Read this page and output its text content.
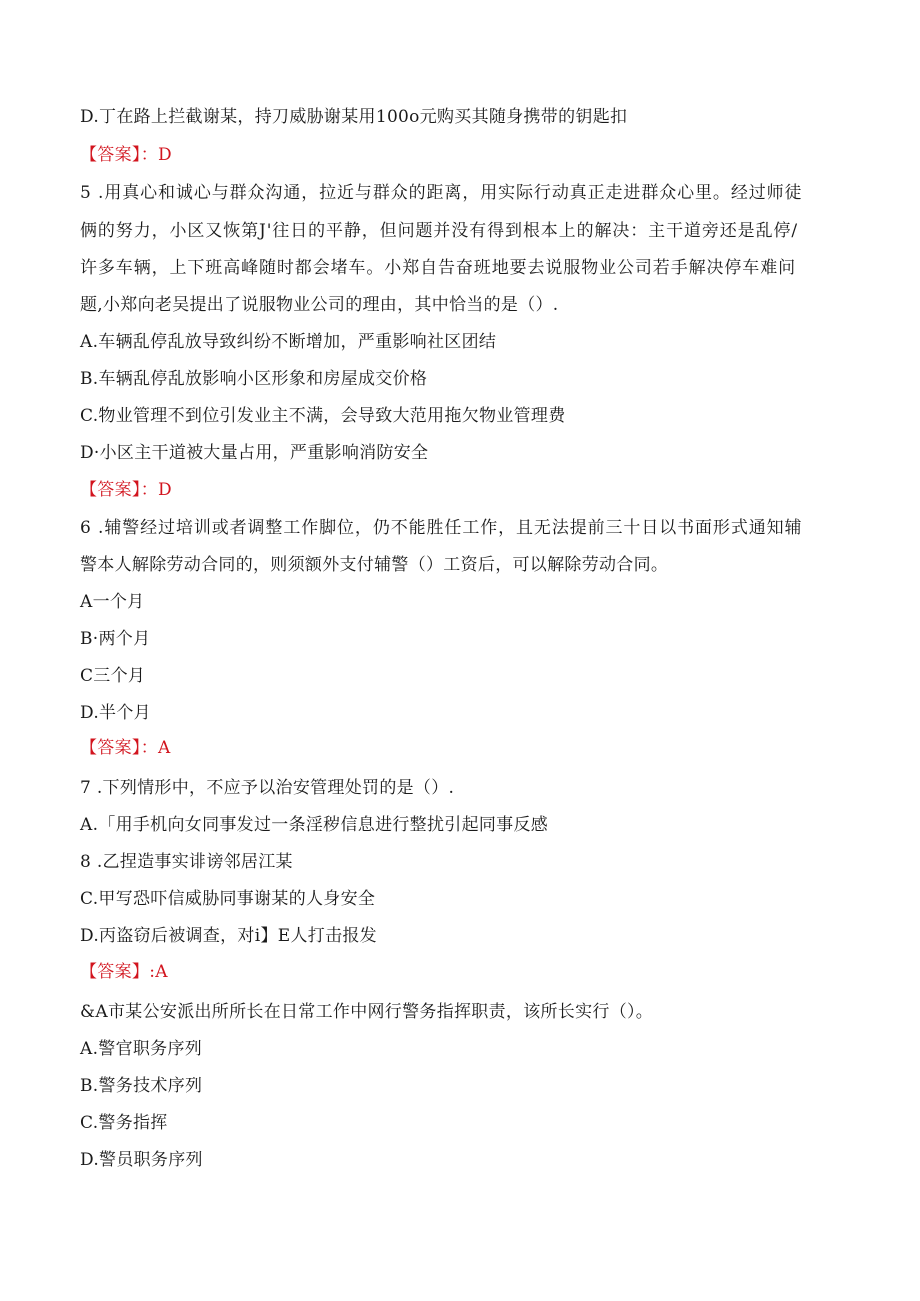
D.丁在路上拦截谢某，持刀威胁谢某用100o元购买其随身携带的钥匙扣
【答案】：D
5 .用真心和诚心与群众沟通，拉近与群众的距离，用实际行动真正走进群众心里。经过师徒
俩的努力，小区又恢第J'往日的平静，但问题并没有得到根本上的解决：主干道旁还是乱停/
许多车辆，上下班高峰随时都会堵车。小郑自告奋班地要去说服物业公司若手解决停车难问
题,小郑向老吴提出了说服物业公司的理由，其中恰当的是（）.
A.车辆乱停乱放导致纠纷不断增加，严重影响社区团结
B.车辆乱停乱放影响小区形象和房屋成交价格
C.物业管理不到位引发业主不满，会导致大范用拖欠物业管理费
D·小区主干道被大量占用，严重影响消防安全
【答案】：D
6 .辅警经过培训或者调整工作脚位，仍不能胜任工作，且无法提前三十日以书面形式通知辅
警本人解除劳动合同的，则须额外支付辅警（）工资后，可以解除劳动合同。
A一个月
B·两个月
C三个月
D.半个月
【答案】：A
7 .下列情形中，不应予以治安管理处罚的是（）.
A.「用手机向女同事发过一条淫秽信息进行整扰引起同事反感
8 .乙捏造事实诽谤邻居江某
C.甲写恐吓信威胁同事谢某的人身安全
D.丙盗窃后被调查，对i】E人打击报发
【答案】:A
&A市某公安派出所所长在日常工作中网行警务指挥职责，该所长实行（）。
A.警官职务序列
B.警务技术序列
C.警务指挥
D.警员职务序列
